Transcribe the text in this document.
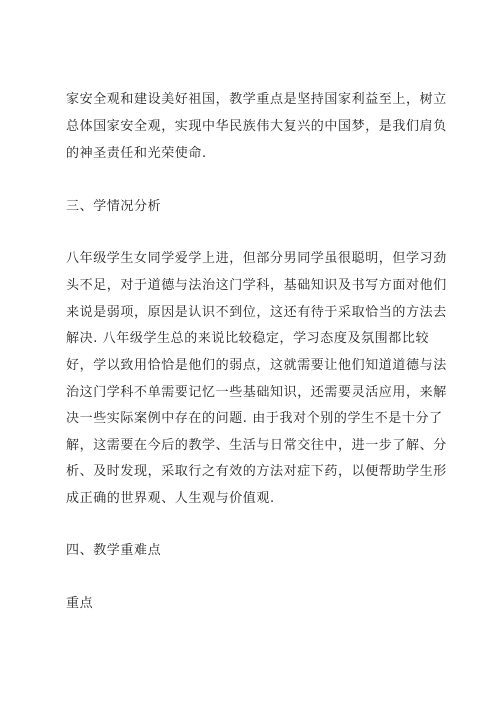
家安全观和建设美好祖国，教学重点是坚持国家利益至上，树立
总体国家安全观，实现中华民族伟大复兴的中国梦，是我们肩负
的神圣责任和光荣使命.
三、学情况分析
八年级学生女同学爱学上进，但部分男同学虽很聪明，但学习劲
头不足，对于道德与法治这门学科，基础知识及书写方面对他们
来说是弱项，原因是认识不到位，这还有待于采取恰当的方法去
解决. 八年级学生总的来说比较稳定，学习态度及氛围都比较
好，学以致用恰恰是他们的弱点，这就需要让他们知道道德与法
治这门学科不单需要记忆一些基础知识，还需要灵活应用，来解
决一些实际案例中存在的问题. 由于我对个别的学生不是十分了
解，这需要在今后的教学、生活与日常交往中，进一步了解、分
析、及时发现，采取行之有效的方法对症下药，以便帮助学生形
成正确的世界观、人生观与价值观.
四、教学重难点
重点
